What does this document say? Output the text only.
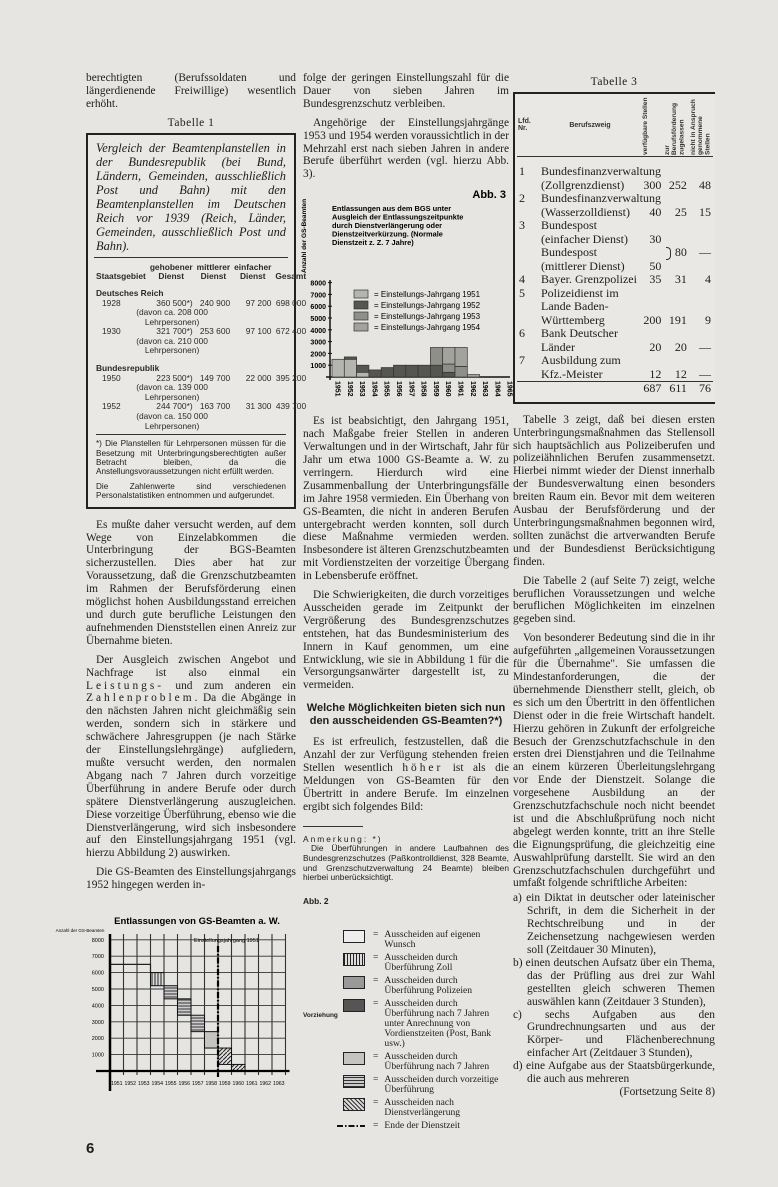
berechtigten (Berufssoldaten und längerdienende Freiwillige) wesentlich erhöht.

Tabelle 1
Vergleich der Beamtenplanstellen in der Bundesrepublik (bei Bund, Ländern, Gemeinden, ausschließlich Post und Bahn) mit den Beamtenplanstellen im Deutschen Reich vor 1939 (Reich, Länder, Gemeinden, ausschließlich Post und Bahn).
Staatsgebiet	gehobener Dienst	mittlerer Dienst	einfacher Dienst	Gesamt
Deutsches Reich				
1928	360 500*)	240 900	97 200	698 000
(davon ca. 208 000 Lehrpersonen)				
1930	321 700*)	253 600	97 100	672 400
(davon ca. 210 000 Lehrpersonen)				
Bundesrepublik				
1950	223 500*)	149 700	22 000	395 200
(davon ca. 139 000 Lehrpersonen)				
1952	244 700*)	163 700	31 300	439 700
(davon ca. 150 000 Lehrpersonen)				
*) Die Planstellen für Lehrpersonen müssen für die Besetzung mit Unterbringungsberechtigten außer Betracht bleiben, da die Anstellungsvoraussetzungen nicht erfüllt werden.
Die Zahlenwerte sind verschiedenen Personalstatistiken entnommen und aufgerundet.

Es mußte daher versucht werden, auf dem Wege von Einzelabkommen die Unterbringung der BGS-Beamten sicherzustellen. Dies aber hat zur Voraussetzung, daß die Grenzschutzbeamten im Rahmen der Berufsförderung einen möglichst hohen Ausbildungsstand erreichen und durch gute berufliche Leistungen den aufnehmenden Dienststellen einen Anreiz zur Übernahme bieten.

Der Ausgleich zwischen Angebot und Nachfrage ist also einmal ein Leistungs- und zum anderen ein Zahlenproblem. Da die Abgänge in den nächsten Jahren nicht gleichmäßig sein werden, sondern sich in stärkere und schwächere Jahresgruppen (je nach Stärke der Einstellungslehrgänge) aufgliedern, mußte versucht werden, den normalen Abgang nach 7 Jahren durch vorzeitige Überführung in andere Berufe oder durch spätere Dienstverlängerung auszugleichen. Diese vorzeitige Überführung, ebenso wie die Dienstverlängerung, wird sich insbesondere auf den Einstellungsjahrgang 1951 (vgl. hierzu Abbildung 2) auswirken.

Die GS-Beamten des Einstellungsjahrgangs 1952 hingegen werden in-

folge der geringen Einstellungszahl für die Dauer von sieben Jahren im Bundesgrenzschutz verbleiben.

Angehörige der Einstellungsjahrgänge 1953 und 1954 werden voraussichtlich in der Mehrzahl erst nach sieben Jahren in andere Berufe überführt werden (vgl. hierzu Abb. 3).

Abb. 3
Entlassungen aus dem BGS unter Ausgleich der Entlassungszeitpunkte durch Dienstverlängerung oder Dienstzeitverkürzung. (Normale Dienstzeit z. Z. 7 Jahre)
Anzahl der GS-Beamten
8000
7000
6000
5000
4000
3000
2000
1000
1951 1952 1953 1954 1955 1956 1957 1958 1959 1960 1961 1962 1963 1964 1965
= Einstellungs-Jahrgang 1951
= Einstellungs-Jahrgang 1952
= Einstellungs-Jahrgang 1953
= Einstellungs-Jahrgang 1954

Es ist beabsichtigt, den Jahrgang 1951, nach Maßgabe freier Stellen in anderen Verwaltungen und in der Wirtschaft, Jahr für Jahr um etwa 1000 GS-Beamte a. W. zu verringern. Hierdurch wird eine Zusammenballung der Unterbringungsfälle im Jahre 1958 vermieden. Ein Überhang von GS-Beamten, die nicht in anderen Berufen untergebracht werden konnten, soll durch diese Maßnahme vermieden werden. Insbesondere ist älteren Grenzschutzbeamten mit Vordienstzeiten der vorzeitige Übergang in Lebensberufe eröffnet.

Die Schwierigkeiten, die durch vorzeitiges Ausscheiden gerade im Zeitpunkt der Vergrößerung des Bundesgrenzschutzes entstehen, hat das Bundesministerium des Innern in Kauf genommen, um eine Entwicklung, wie sie in Abbildung 1 für die Versorgungsanwärter dargestellt ist, zu vermeiden.

Welche Möglichkeiten bieten sich nun den ausscheidenden GS-Beamten?*)

Es ist erfreulich, festzustellen, daß die Anzahl der zur Verfügung stehenden freien Stellen wesentlich höher ist als die Meldungen von GS-Beamten für den Übertritt in andere Berufe. Im einzelnen ergibt sich folgendes Bild:

Anmerkung: *)
Die Überführungen in andere Laufbahnen des Bundesgrenzschutzes (Paßkontrolldienst, 328 Beamte, und Grenzschutzverwaltung 24 Beamte) bleiben hierbei unberücksichtigt.
Abb. 2
Entlassungen von GS-Beamten a. W.
Anzahl der GS-Beamten
8000
7000
6000
5000
4000
3000
2000
1000
1951 1952 1953 1954 1955 1956 1957 1958 1959 1960 1961 1962 1963
Einstellungsjahrgang 1951
= Ausscheiden auf eigenen Wunsch
= Ausscheiden durch Überführung Zoll
= Ausscheiden durch Überführung Polizeien
Vorziehung
= Ausscheiden durch Überführung nach 7 Jahren unter Anrechnung von Vordienstzeiten (Post, Bank usw.)
= Ausscheiden durch Überführung nach 7 Jahren
= Ausscheiden durch vorzeitige Überführung
= Ausscheiden nach Dienstverlängerung
= Ende der Dienstzeit
6
Tabelle 3
Lfd. Nr.	Berufszweig	verfügbare Stellen	zur Berufsförderung zugelassen	nicht in Anspruch genommene Stellen

1	Bundesfinanzverwaltung			
	(Zollgrenzdienst)	300	252	48
2	Bundesfinanzverwaltung			
	(Wasserzolldienst)	40	25	15
3	Bundespost			
	(einfacher Dienst)	30		
	Bundespost		80	—
	(mittlerer Dienst)	50		
4	Bayer. Grenzpolizei	35	31	4
5	Polizeidienst im			
	Lande Baden-			
	Württemberg	200	191	9
6	Bank Deutscher			
	Länder	20	20	—
7	Ausbildung zum			
	Kfz.-Meister	12	12	—
		687	611	76

Tabelle 3 zeigt, daß bei diesen ersten Unterbringungsmaßnahmen das Stellensoll sich hauptsächlich aus Polizeiberufen und polizeiähnlichen Berufen zusammensetzt. Hierbei nimmt wieder der Dienst innerhalb der Bundesverwaltung einen besonders breiten Raum ein. Bevor mit dem weiteren Ausbau der Berufsförderung und der Unterbringungsmaßnahmen begonnen wird, sollten zunächst die artverwandten Berufe und der Bundesdienst Berücksichtigung finden.

Die Tabelle 2 (auf Seite 7) zeigt, welche beruflichen Voraussetzungen und welche beruflichen Möglichkeiten im einzelnen gegeben sind.

Von besonderer Bedeutung sind die in ihr aufgeführten „allgemeinen Voraussetzungen für die Übernahme". Sie umfassen die Mindestanforderungen, die der übernehmende Dienstherr stellt, gleich, ob es sich um den Übertritt in den öffentlichen Dienst oder in die freie Wirtschaft handelt. Hierzu gehören in Zukunft der erfolgreiche Besuch der Grenzschutzfachschule in den ersten drei Dienstjahren und die Teilnahme an einem kürzeren Überleitungslehrgang vor Ende der Dienstzeit. Solange die vorgesehene Ausbildung an der Grenzschutzfachschule noch nicht beendet ist und die Abschlußprüfung noch nicht abgelegt werden konnte, tritt an ihre Stelle die Eignungsprüfung, die gleichzeitig eine Auswahlprüfung darstellt. Sie wird an den Grenzschutzfachschulen durchgeführt und umfaßt folgende schriftliche Arbeiten:

a) ein Diktat in deutscher oder lateinischer Schrift, in dem die Sicherheit in der Rechtschreibung und in der Zeichensetzung nachgewiesen werden soll (Zeitdauer 30 Minuten),
b) einen deutschen Aufsatz über ein Thema, das der Prüfling aus drei zur Wahl gestellten gleich schweren Themen auswählen kann (Zeitdauer 3 Stunden),
c) sechs Aufgaben aus den Grundrechnungsarten und aus der Körper- und Flächenberechnung einfacher Art (Zeitdauer 3 Stunden),
d) eine Aufgabe aus der Staatsbürgerkunde, die auch aus mehreren
(Fortsetzung Seite 8)
